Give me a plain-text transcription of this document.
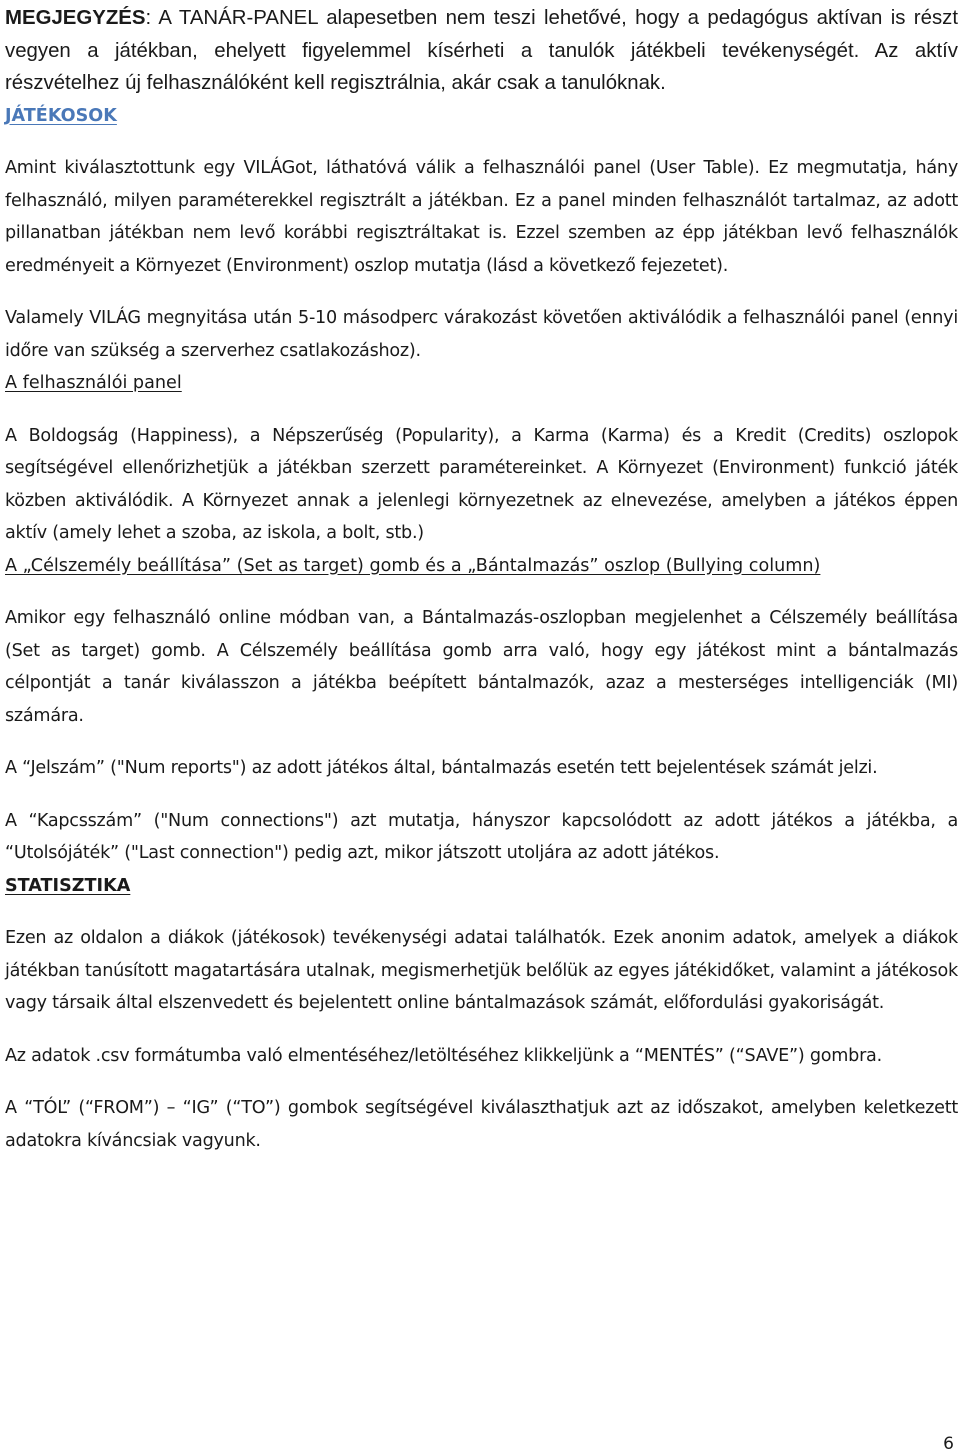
MEGJEGYZÉS: A TANÁR-PANEL alapesetben nem teszi lehetővé, hogy a pedagógus aktívan is részt vegyen a játékban, ehelyett figyelemmel kísérheti a tanulók játékbeli tevékenységét. Az aktív részvételhez új felhasználóként kell regisztrálnia, akár csak a tanulóknak.

JÁTÉKOSOK

Amint kiválasztottunk egy VILÁGot, láthatóvá válik a felhasználói panel (User Table). Ez megmutatja, hány felhasználó, milyen paraméterekkel regisztrált a játékban. Ez a panel minden felhasználót tartalmaz, az adott pillanatban játékban nem levő korábbi regisztráltakat is. Ezzel szemben az épp játékban levő felhasználók eredményeit a Környezet (Environment) oszlop mutatja (lásd a következő fejezetet).

Valamely VILÁG megnyitása után 5-10 másodperc várakozást követően aktiválódik a felhasználói panel (ennyi időre van szükség a szerverhez csatlakozáshoz).

A felhasználói panel

A Boldogság (Happiness), a Népszerűség (Popularity), a Karma (Karma) és a Kredit (Credits) oszlopok segítségével ellenőrizhetjük a játékban szerzett paramétereinket. A Környezet (Environment) funkció játék közben aktiválódik. A Környezet annak a jelenlegi környezetnek az elnevezése, amelyben a játékos éppen aktív (amely lehet a szoba, az iskola, a bolt, stb.)

A „Célszemély beállítása” (Set as target) gomb és a „Bántalmazás” oszlop (Bullying column)

Amikor egy felhasználó online módban van, a Bántalmazás-oszlopban megjelenhet a Célszemély beállítása (Set as target) gomb. A Célszemély beállítása gomb arra való, hogy egy játékost mint a bántalmazás célpontját a tanár kiválasszon a játékba beépített bántalmazók, azaz a mesterséges intelligenciák (MI) számára.

A “Jelszám” ("Num reports") az adott játékos által, bántalmazás esetén tett bejelentések számát jelzi.

A “Kapcsszám” ("Num connections") azt mutatja, hányszor kapcsolódott az adott játékos a játékba, a “Utolsójáték” ("Last connection") pedig azt, mikor játszott utoljára az adott játékos.

STATISZTIKA

Ezen az oldalon a diákok (játékosok) tevékenységi adatai találhatók. Ezek anonim adatok, amelyek a diákok játékban tanúsított magatartására utalnak, megismerhetjük belőlük az egyes játékidőket, valamint a játékosok vagy társaik által elszenvedett és bejelentett online bántalmazások számát, előfordulási gyakoriságát.

Az adatok .csv formátumba való elmentéséhez/letöltéséhez klikkeljünk a “MENTÉS” (“SAVE”) gombra.

A “TÓL” (“FROM”) – “IG” (“TO”) gombok segítségével kiválaszthatjuk azt az időszakot, amelyben keletkezett adatokra kíváncsiak vagyunk.

6
